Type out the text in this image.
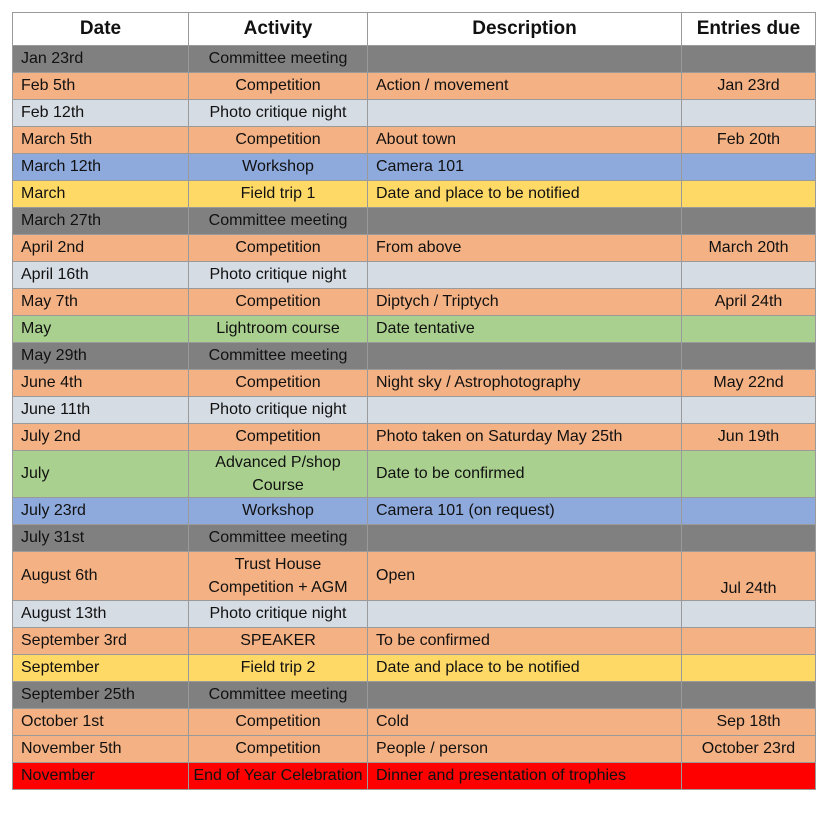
Date	Activity	Description	Entries due
Jan 23rd	Committee meeting		
Feb 5th	Competition	Action / movement	Jan 23rd
Feb 12th	Photo critique night		
March 5th	Competition	About town	Feb 20th
March 12th	Workshop	Camera 101	
March	Field trip 1	Date and place to be notified	
March 27th	Committee meeting		
April 2nd	Competition	From above	March 20th
April 16th	Photo critique night		
May 7th	Competition	Diptych / Triptych	April 24th
May	Lightroom course	Date tentative	
May 29th	Committee meeting		
June 4th	Competition	Night sky / Astrophotography	May 22nd
June 11th	Photo critique night		
July 2nd	Competition	Photo taken on Saturday May 25th	Jun 19th
July	Advanced P/shop Course	Date to be confirmed	
July 23rd	Workshop	Camera 101 (on request)	
July 31st	Committee meeting		
August 6th	Trust House Competition + AGM	Open	Jul 24th
August 13th	Photo critique night		
September 3rd	SPEAKER	To be confirmed	
September	Field trip 2	Date and place to be notified	
September 25th	Committee meeting		
October 1st	Competition	Cold	Sep 18th
November 5th	Competition	People / person	October 23rd
November	End of Year Celebration	Dinner and presentation of trophies	
